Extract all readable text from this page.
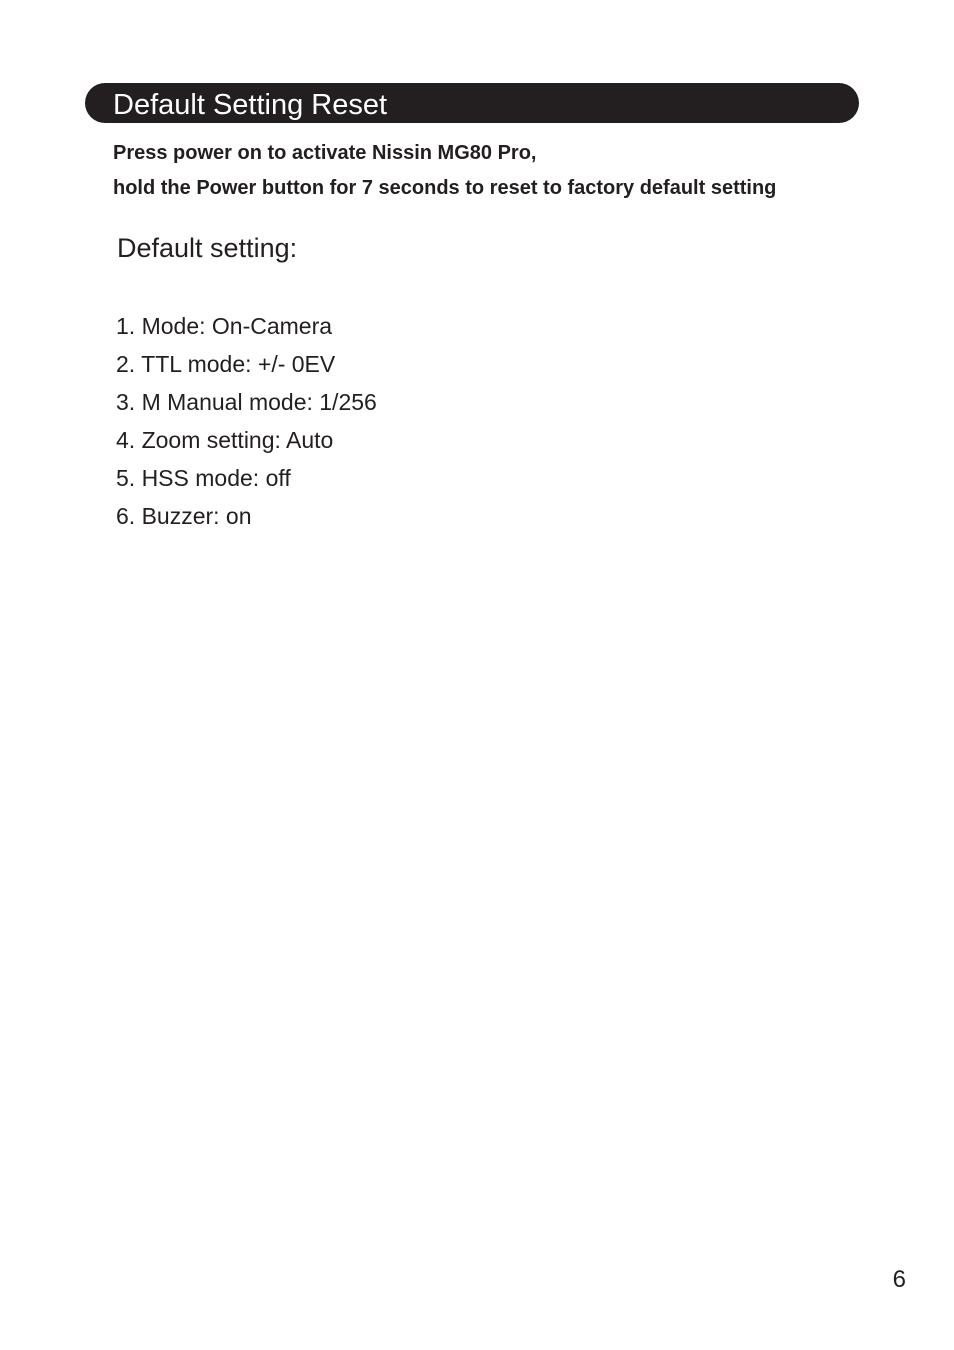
Default Setting Reset

Press power on to activate Nissin MG80 Pro,
hold the Power button for 7 seconds to reset to factory default setting

Default setting:
1. Mode: On-Camera
2. TTL mode: +/- 0EV
3. M Manual mode: 1/256
4. Zoom setting: Auto
5. HSS mode: off
6. Buzzer: on
6
